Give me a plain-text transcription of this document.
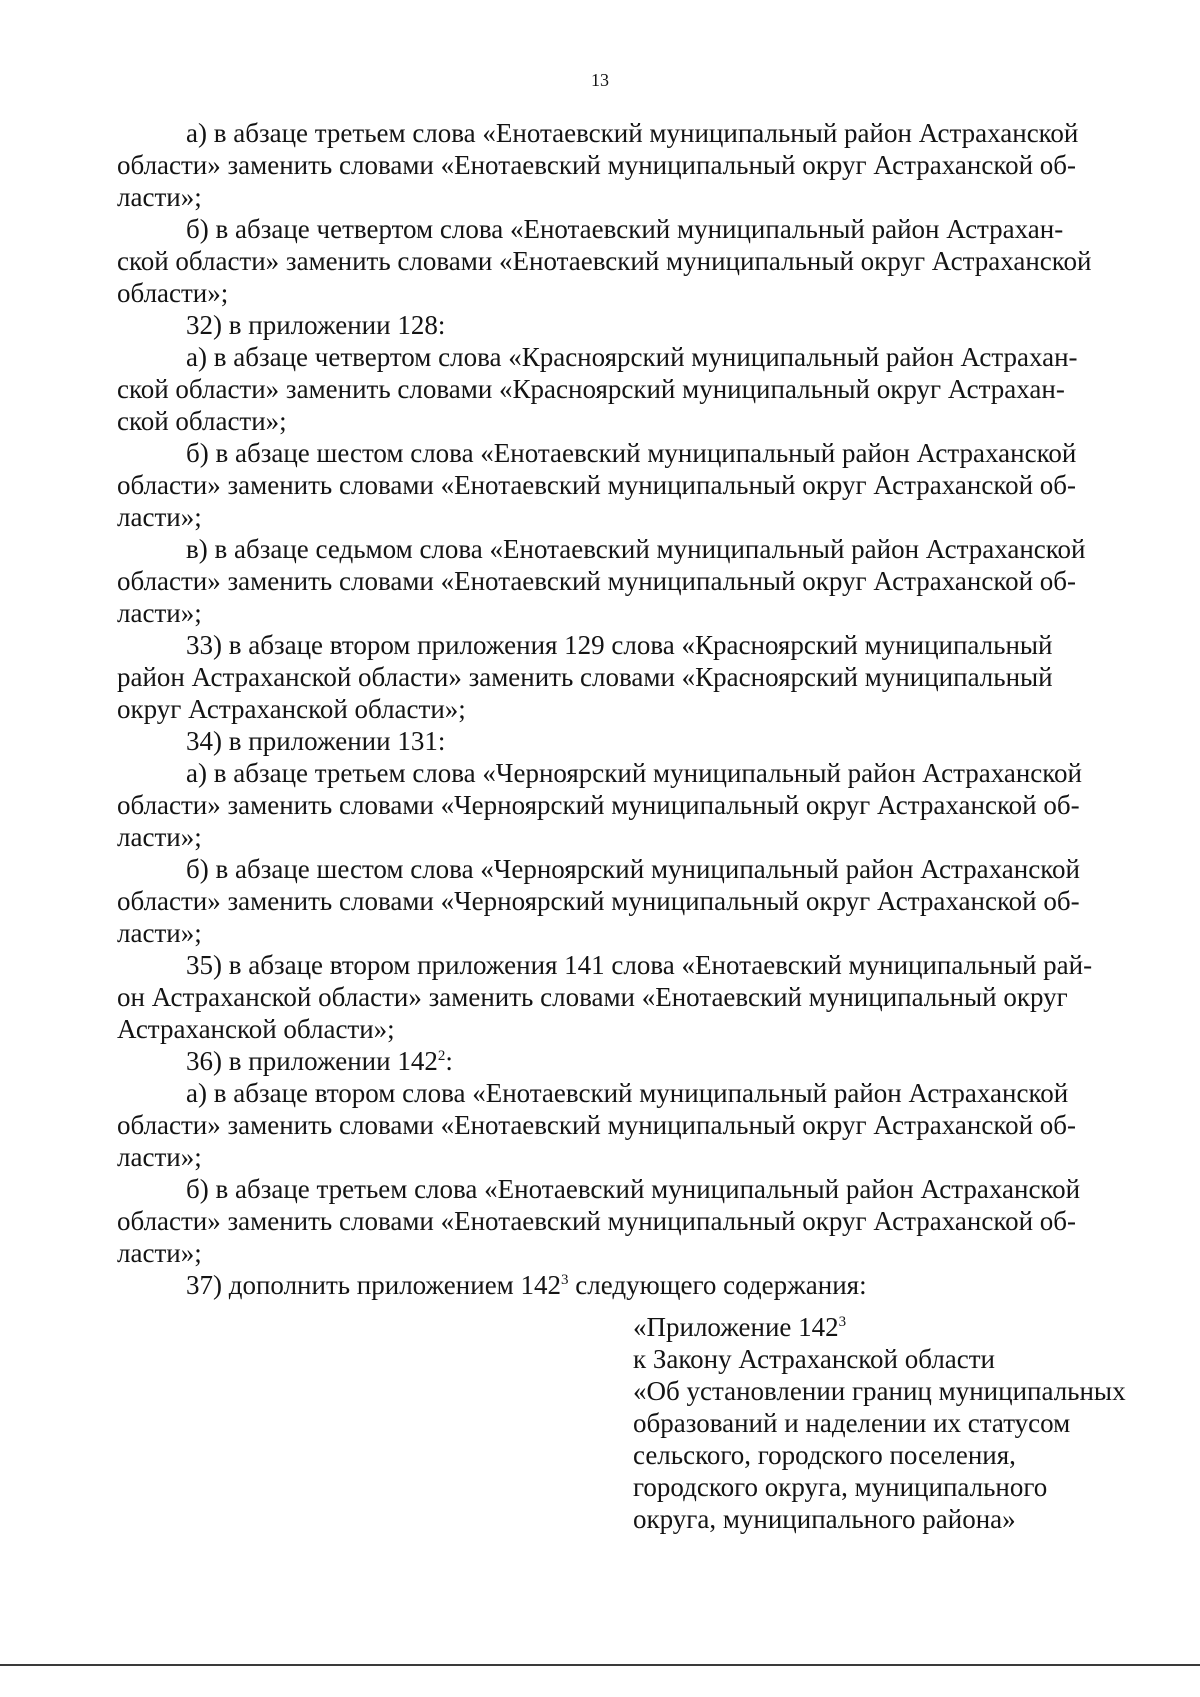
13

а) в абзаце третьем слова «Енотаевский муниципальный район Астраханской
области» заменить словами «Енотаевский муниципальный округ Астраханской об-
ласти»;

б) в абзаце четвертом слова «Енотаевский муниципальный район Астрахан-
ской области» заменить словами «Енотаевский муниципальный округ Астраханской
области»;

32) в приложении 128:

а) в абзаце четвертом слова «Красноярский муниципальный район Астрахан-
ской области» заменить словами «Красноярский муниципальный округ Астрахан-
ской области»;

б) в абзаце шестом слова «Енотаевский муниципальный район Астраханской
области» заменить словами «Енотаевский муниципальный округ Астраханской об-
ласти»;

в) в абзаце седьмом слова «Енотаевский муниципальный район Астраханской
области» заменить словами «Енотаевский муниципальный округ Астраханской об-
ласти»;

33) в абзаце втором приложения 129 слова «Красноярский муниципальный
район Астраханской области» заменить словами «Красноярский муниципальный
округ Астраханской области»;

34) в приложении 131:

а) в абзаце третьем слова «Черноярский муниципальный район Астраханской
области» заменить словами «Черноярский муниципальный округ Астраханской об-
ласти»;

б) в абзаце шестом слова «Черноярский муниципальный район Астраханской
области» заменить словами «Черноярский муниципальный округ Астраханской об-
ласти»;

35) в абзаце втором приложения 141 слова «Енотаевский муниципальный рай-
он Астраханской области» заменить словами «Енотаевский муниципальный округ
Астраханской области»;

36) в приложении $142^2$:

а) в абзаце втором слова «Енотаевский муниципальный район Астраханской
области» заменить словами «Енотаевский муниципальный округ Астраханской об-
ласти»;

б) в абзаце третьем слова «Енотаевский муниципальный район Астраханской
области» заменить словами «Енотаевский муниципальный округ Астраханской об-
ласти»;

37) дополнить приложением $142^3$ следующего содержания:

«Приложение $142^3$

к Закону Астраханской области

«Об установлении границ муниципальных

образований и наделении их статусом

сельского, городского поселения,

городского округа, муниципального

округа, муниципального района»
